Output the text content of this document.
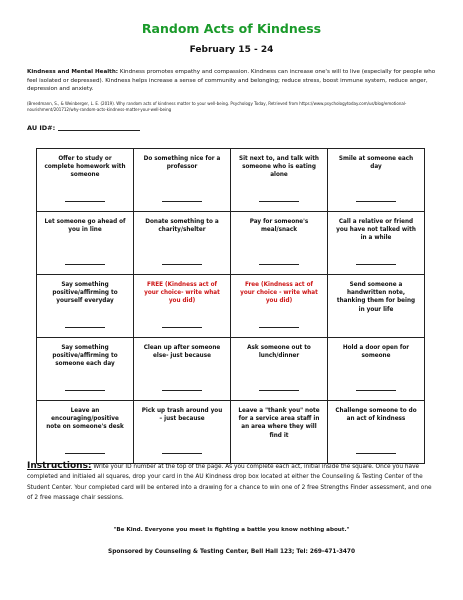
Random Acts of Kindness
February 15 - 24
Kindness and Mental Health: Kindness promotes empathy and compassion. Kindness can increase one's will to live (especially for people who feel isolated or depressed). Kindness helps increase a sense of community and belonging; reduce stress, boost immune system, reduce anger, depression and anxiety.
(Breedmann, S., & Weinberger, L. E. (2019). Why random acts of kindness matter to your well-being. Psychology Today, Retrieved from https://www.psychologytoday.com/us/blog/emotional-nourishment/201712/why-random-acts-kindness-matter-your-well-being
AU ID#:
Offer to study or complete homework with someone	Do something nice for a professor	Sit next to, and talk with someone who is eating alone	Smile at someone each day

Let someone go ahead of you in line	Donate something to a charity/shelter	Pay for someone's meal/snack	Call a relative or friend you have not talked with in a while

Say something positive/affirming to yourself everyday	FREE (Kindness act of your choice- write what you did)	Free (Kindness act of your choice - write what you did)	Send someone a handwritten note, thanking them for being in your life

Say something positive/affirming to someone each day	Clean up after someone else- just because	Ask someone out to lunch/dinner	Hold a door open for someone

Leave an encouraging/positive note on someone's desk	Pick up trash around you – just because	Leave a "thank you" note for a service area staff in an area where they will find it	Challenge someone to do an act of kindness
Instructions: Write your ID number at the top of the page. As you complete each act, initial inside the square. Once you have completed and initialed all squares, drop your card in the AU Kindness drop box located at either the Counseling & Testing Center of the Student Center. Your completed card will be entered into a drawing for a chance to win one of 2 free Strengths Finder assessment, and one of 2 free massage chair sessions.
"Be Kind. Everyone you meet is fighting a battle you know nothing about."
Sponsored by Counseling & Testing Center, Bell Hall 123; Tel: 269-471-3470
